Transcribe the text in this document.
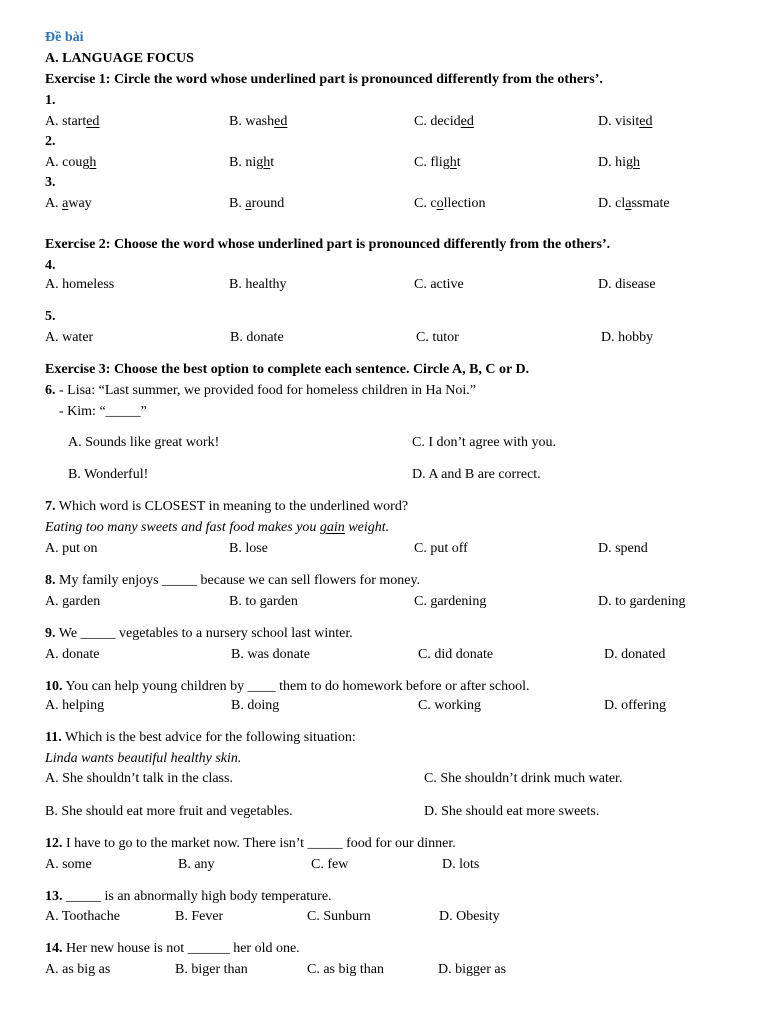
Đề bài
A. LANGUAGE FOCUS
Exercise 1: Circle the word whose underlined part is pronounced differently from the others’.
1.
A. started	B. washed	C. decided	D. visited
2.
A. cough	B. night	C. flight	D. high
3.
A. away	B. around	C. collection	D. classmate
Exercise 2: Choose the word whose underlined part is pronounced differently from the others’.
4.
A. homeless	B. healthy	C. active	D. disease
5.
A. water	B. donate	C. tutor	D. hobby
Exercise 3: Choose the best option to complete each sentence. Circle A, B, C or D.
6. - Lisa: “Last summer, we provided food for homeless children in Ha Noi.”
- Kim: “_____”
A. Sounds like great work!	C. I don’t agree with you.
B. Wonderful!	D. A and B are correct.
7. Which word is CLOSEST in meaning to the underlined word?
Eating too many sweets and fast food makes you gain weight.
A. put on	B. lose	C. put off	D. spend
8. My family enjoys _____ because we can sell flowers for money.
A. garden	B. to garden	C. gardening	D. to gardening
9. We _____ vegetables to a nursery school last winter.
A. donate	B. was donate	C. did donate	D. donated
10. You can help young children by ____ them to do homework before or after school.
A. helping	B. doing	C. working	D. offering
11. Which is the best advice for the following situation:
Linda wants beautiful healthy skin.
A. She shouldn’t talk in the class.	C. She shouldn’t drink much water.
B. She should eat more fruit and vegetables.	D. She should eat more sweets.
12. I have to go to the market now. There isn’t _____ food for our dinner.
A. some	B. any	C. few	D. lots
13. _____ is an abnormally high body temperature.
A. Toothache	B. Fever	C. Sunburn	D. Obesity
14. Her new house is not ______ her old one.
A. as big as	B. biger than	C. as big than	D. bigger as
